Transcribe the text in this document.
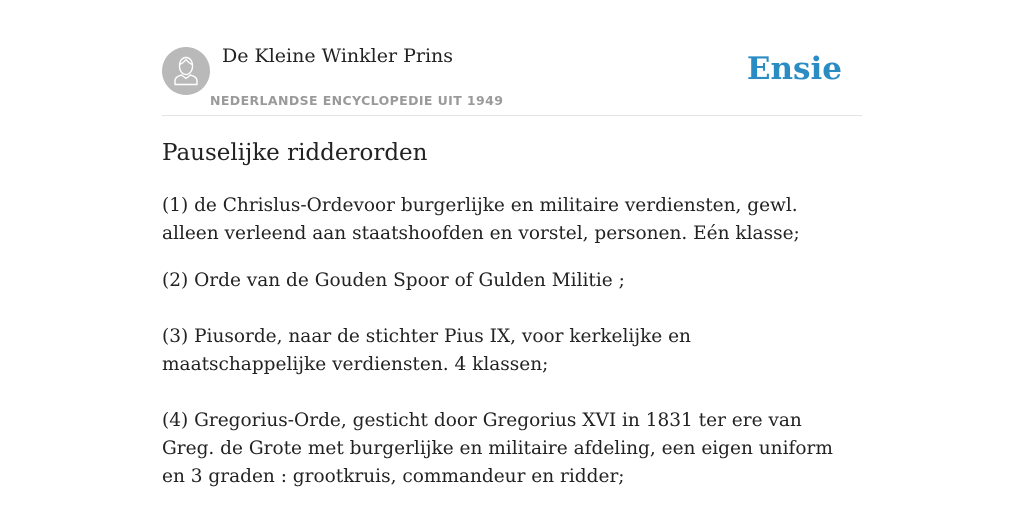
De Kleine Winkler Prins
NEDERLANDSE ENCYCLOPEDIE UIT 1949
Ensie
Pauselijke ridderorden

(1) de Chrislus-Ordevoor burgerlijke en militaire verdiensten, gewl. alleen verleend aan staatshoofden en vorstel, personen. Eén klasse;

(2) Orde van de Gouden Spoor of Gulden Militie ;

(3) Piusorde, naar de stichter Pius IX, voor kerkelijke en maatschappelijke verdiensten. 4 klassen;

(4) Gregorius-Orde, gesticht door Gregorius XVI in 1831 ter ere van Greg. de Grote met burgerlijke en militaire afdeling, een eigen uniform en 3 graden : grootkruis, commandeur en ridder;
